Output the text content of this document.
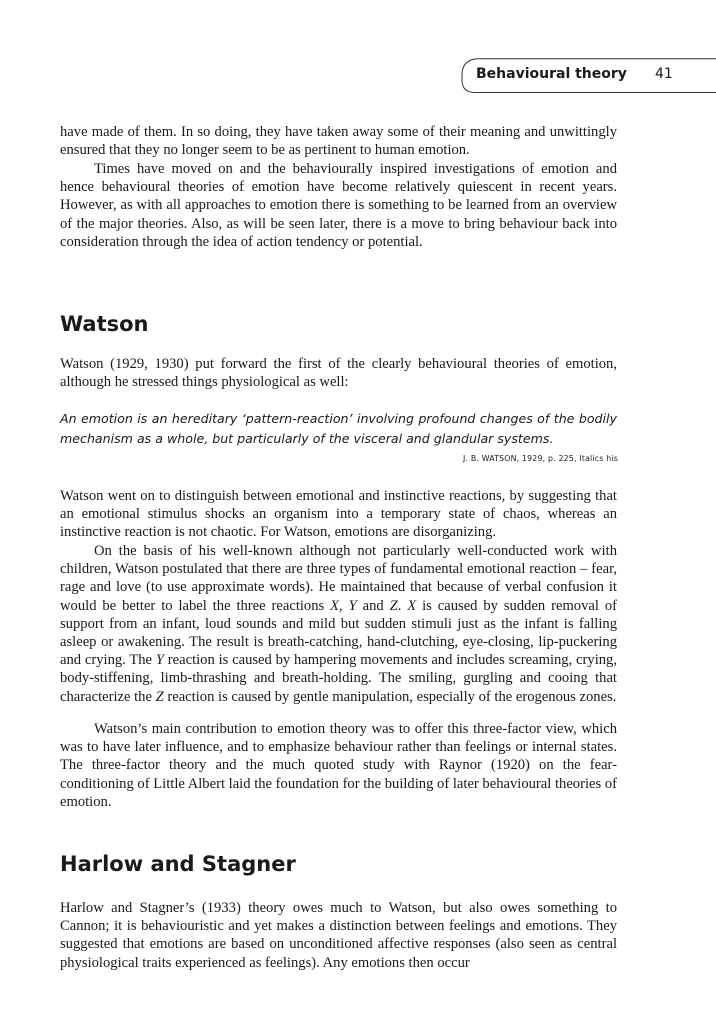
Behavioural theory 41

have made of them. In so doing, they have taken away some of their meaning and unwittingly ensured that they no longer seem to be as pertinent to human emotion.

Times have moved on and the behaviourally inspired investigations of emotion and hence behavioural theories of emotion have become relatively quiescent in recent years. However, as with all approaches to emotion there is something to be learned from an overview of the major theories. Also, as will be seen later, there is a move to bring behaviour back into consideration through the idea of action tendency or potential.

Watson

Watson (1929, 1930) put forward the first of the clearly behavioural theories of emotion, although he stressed things physiological as well:

An emotion is an hereditary ‘pattern-reaction’ involving profound changes of the bodily mechanism as a whole, but particularly of the visceral and glandular systems.

J. B. WATSON, 1929, p. 225, Italics his

Watson went on to distinguish between emotional and instinctive reactions, by suggesting that an emotional stimulus shocks an organism into a temporary state of chaos, whereas an instinctive reaction is not chaotic. For Watson, emotions are disorganizing.

On the basis of his well-known although not particularly well-conducted work with children, Watson postulated that there are three types of fundamental emotional reaction – fear, rage and love (to use approximate words). He maintained that because of verbal confusion it would be better to label the three reactions X, Y and Z. X is caused by sudden removal of support from an infant, loud sounds and mild but sudden stimuli just as the infant is falling asleep or awakening. The result is breath-catching, hand-clutching, eye-closing, lip-puckering and crying. The Y reaction is caused by hampering movements and includes screaming, crying, body-stiffening, limb-thrashing and breath-holding. The smiling, gurgling and cooing that characterize the Z reaction is caused by gentle manipulation, especially of the erogenous zones.

Watson’s main contribution to emotion theory was to offer this three-factor view, which was to have later influence, and to emphasize behaviour rather than feelings or internal states. The three-factor theory and the much quoted study with Raynor (1920) on the fear-conditioning of Little Albert laid the foundation for the building of later behavioural theories of emotion.

Harlow and Stagner

Harlow and Stagner’s (1933) theory owes much to Watson, but also owes something to Cannon; it is behaviouristic and yet makes a distinction between feelings and emotions. They suggested that emotions are based on unconditioned affective responses (also seen as central physiological traits experienced as feelings). Any emotions then occur
